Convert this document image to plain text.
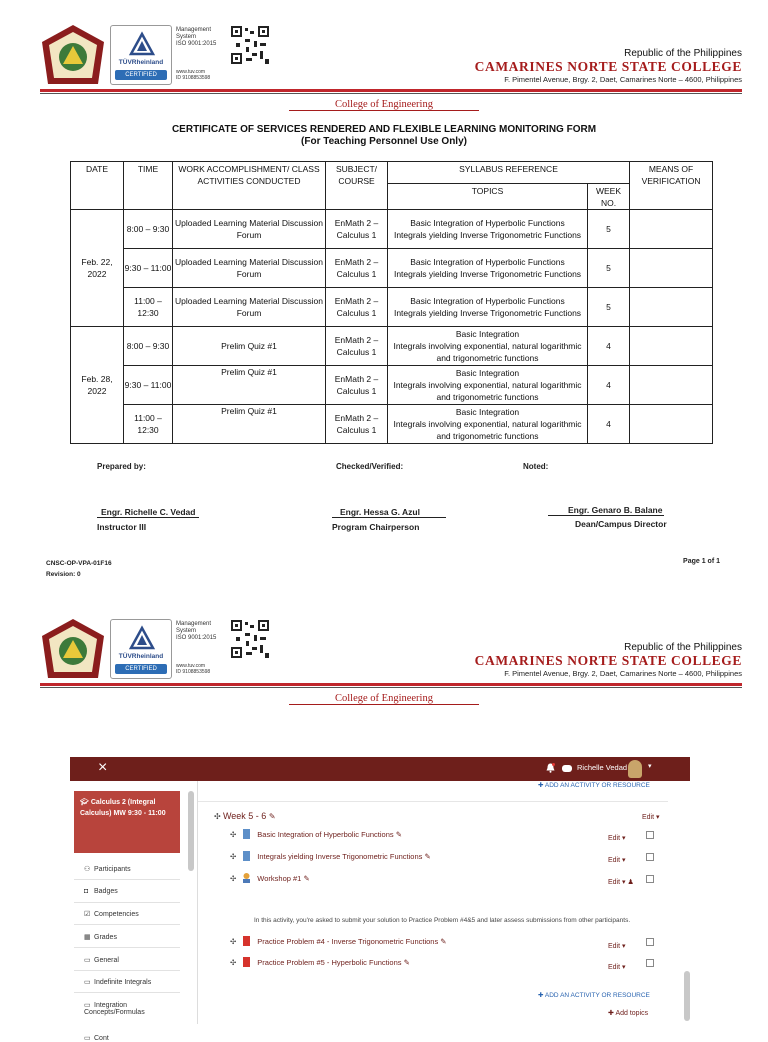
TÜVRheinland
CERTIFIED
Management
System
ISO 9001:2015
www.tuv.com
ID 9108853598
Republic of the Philippines
CAMARINES NORTE STATE COLLEGE
F. Pimentel Avenue, Brgy. 2, Daet, Camarines Norte – 4600, Philippines
College of Engineering
CERTIFICATE OF SERVICES RENDERED AND FLEXIBLE LEARNING MONITORING FORM
(For Teaching Personnel Use Only)
DATE	TIME	WORK ACCOMPLISHMENT/ CLASS ACTIVITIES CONDUCTED	SUBJECT/ COURSE	SYLLABUS REFERENCE		MEANS OF VERIFICATION
				TOPICS	WEEK NO.	
Feb. 22, 2022	8:00 – 9:30	Uploaded Learning Material Discussion Forum	EnMath 2 – Calculus 1	Basic Integration of Hyperbolic Functions
Integrals yielding Inverse Trigonometric Functions	5	
	9:30 – 11:00	Uploaded Learning Material Discussion Forum	EnMath 2 – Calculus 1	Basic Integration of Hyperbolic Functions
Integrals yielding Inverse Trigonometric Functions	5	
	11:00 – 12:30	Uploaded Learning Material Discussion Forum	EnMath 2 – Calculus 1	Basic Integration of Hyperbolic Functions
Integrals yielding Inverse Trigonometric Functions	5	
Feb. 28, 2022	8:00 – 9:30	Prelim Quiz #1	EnMath 2 – Calculus 1	Basic Integration
Integrals involving exponential, natural logarithmic and trigonometric functions	4	
	9:30 – 11:00	Prelim Quiz #1	EnMath 2 – Calculus 1	Basic Integration
Integrals involving exponential, natural logarithmic and trigonometric functions	4	
	11:00 – 12:30	Prelim Quiz #1	EnMath 2 – Calculus 1	Basic Integration
Integrals involving exponential, natural logarithmic and trigonometric functions	4	
Prepared by:	Checked/Verified:	Noted:
Engr. Richelle C. Vedad
Instructor III
Engr. Hessa G. Azul
Program Chairperson
Engr. Genaro B. Balane
Dean/Campus Director
CNSC-OP-VPA-01F16
Revision: 0
Page 1 of 1
TÜVRheinland
CERTIFIED
Management
System
ISO 9001:2015
www.tuv.com
ID 9108853598
Republic of the Philippines
CAMARINES NORTE STATE COLLEGE
F. Pimentel Avenue, Brgy. 2, Daet, Camarines Norte – 4600, Philippines
College of Engineering
×	Richelle Vedad	▾
🎓︎ Calculus 2 (Integral Calculus) MW 9:30 - 11:00
⚇ Participants
◘ Badges
☑ Competencies
▦ Grades
▭ General
▭ Indefinite Integrals
▭ Integration Concepts/Formulas
▭ Cont
✚ ADD AN ACTIVITY OR RESOURCE
✣ Week 5 - 6 ✎	Edit ▾
✣	Basic Integration of Hyperbolic Functions ✎	Edit ▾
✣	Integrals yielding Inverse Trigonometric Functions ✎	Edit ▾
✣	Workshop #1 ✎	Edit ▾ ♟
In this activity, you're asked to submit your solution to Practice Problem #4&5 and later assess submissions from other participants.
✣	Practice Problem #4 - Inverse Trigonometric Functions ✎
Edit ▾
✣	Practice Problem #5 - Hyperbolic Functions ✎
Edit ▾
✚ ADD AN ACTIVITY OR RESOURCE
✚ Add topics
